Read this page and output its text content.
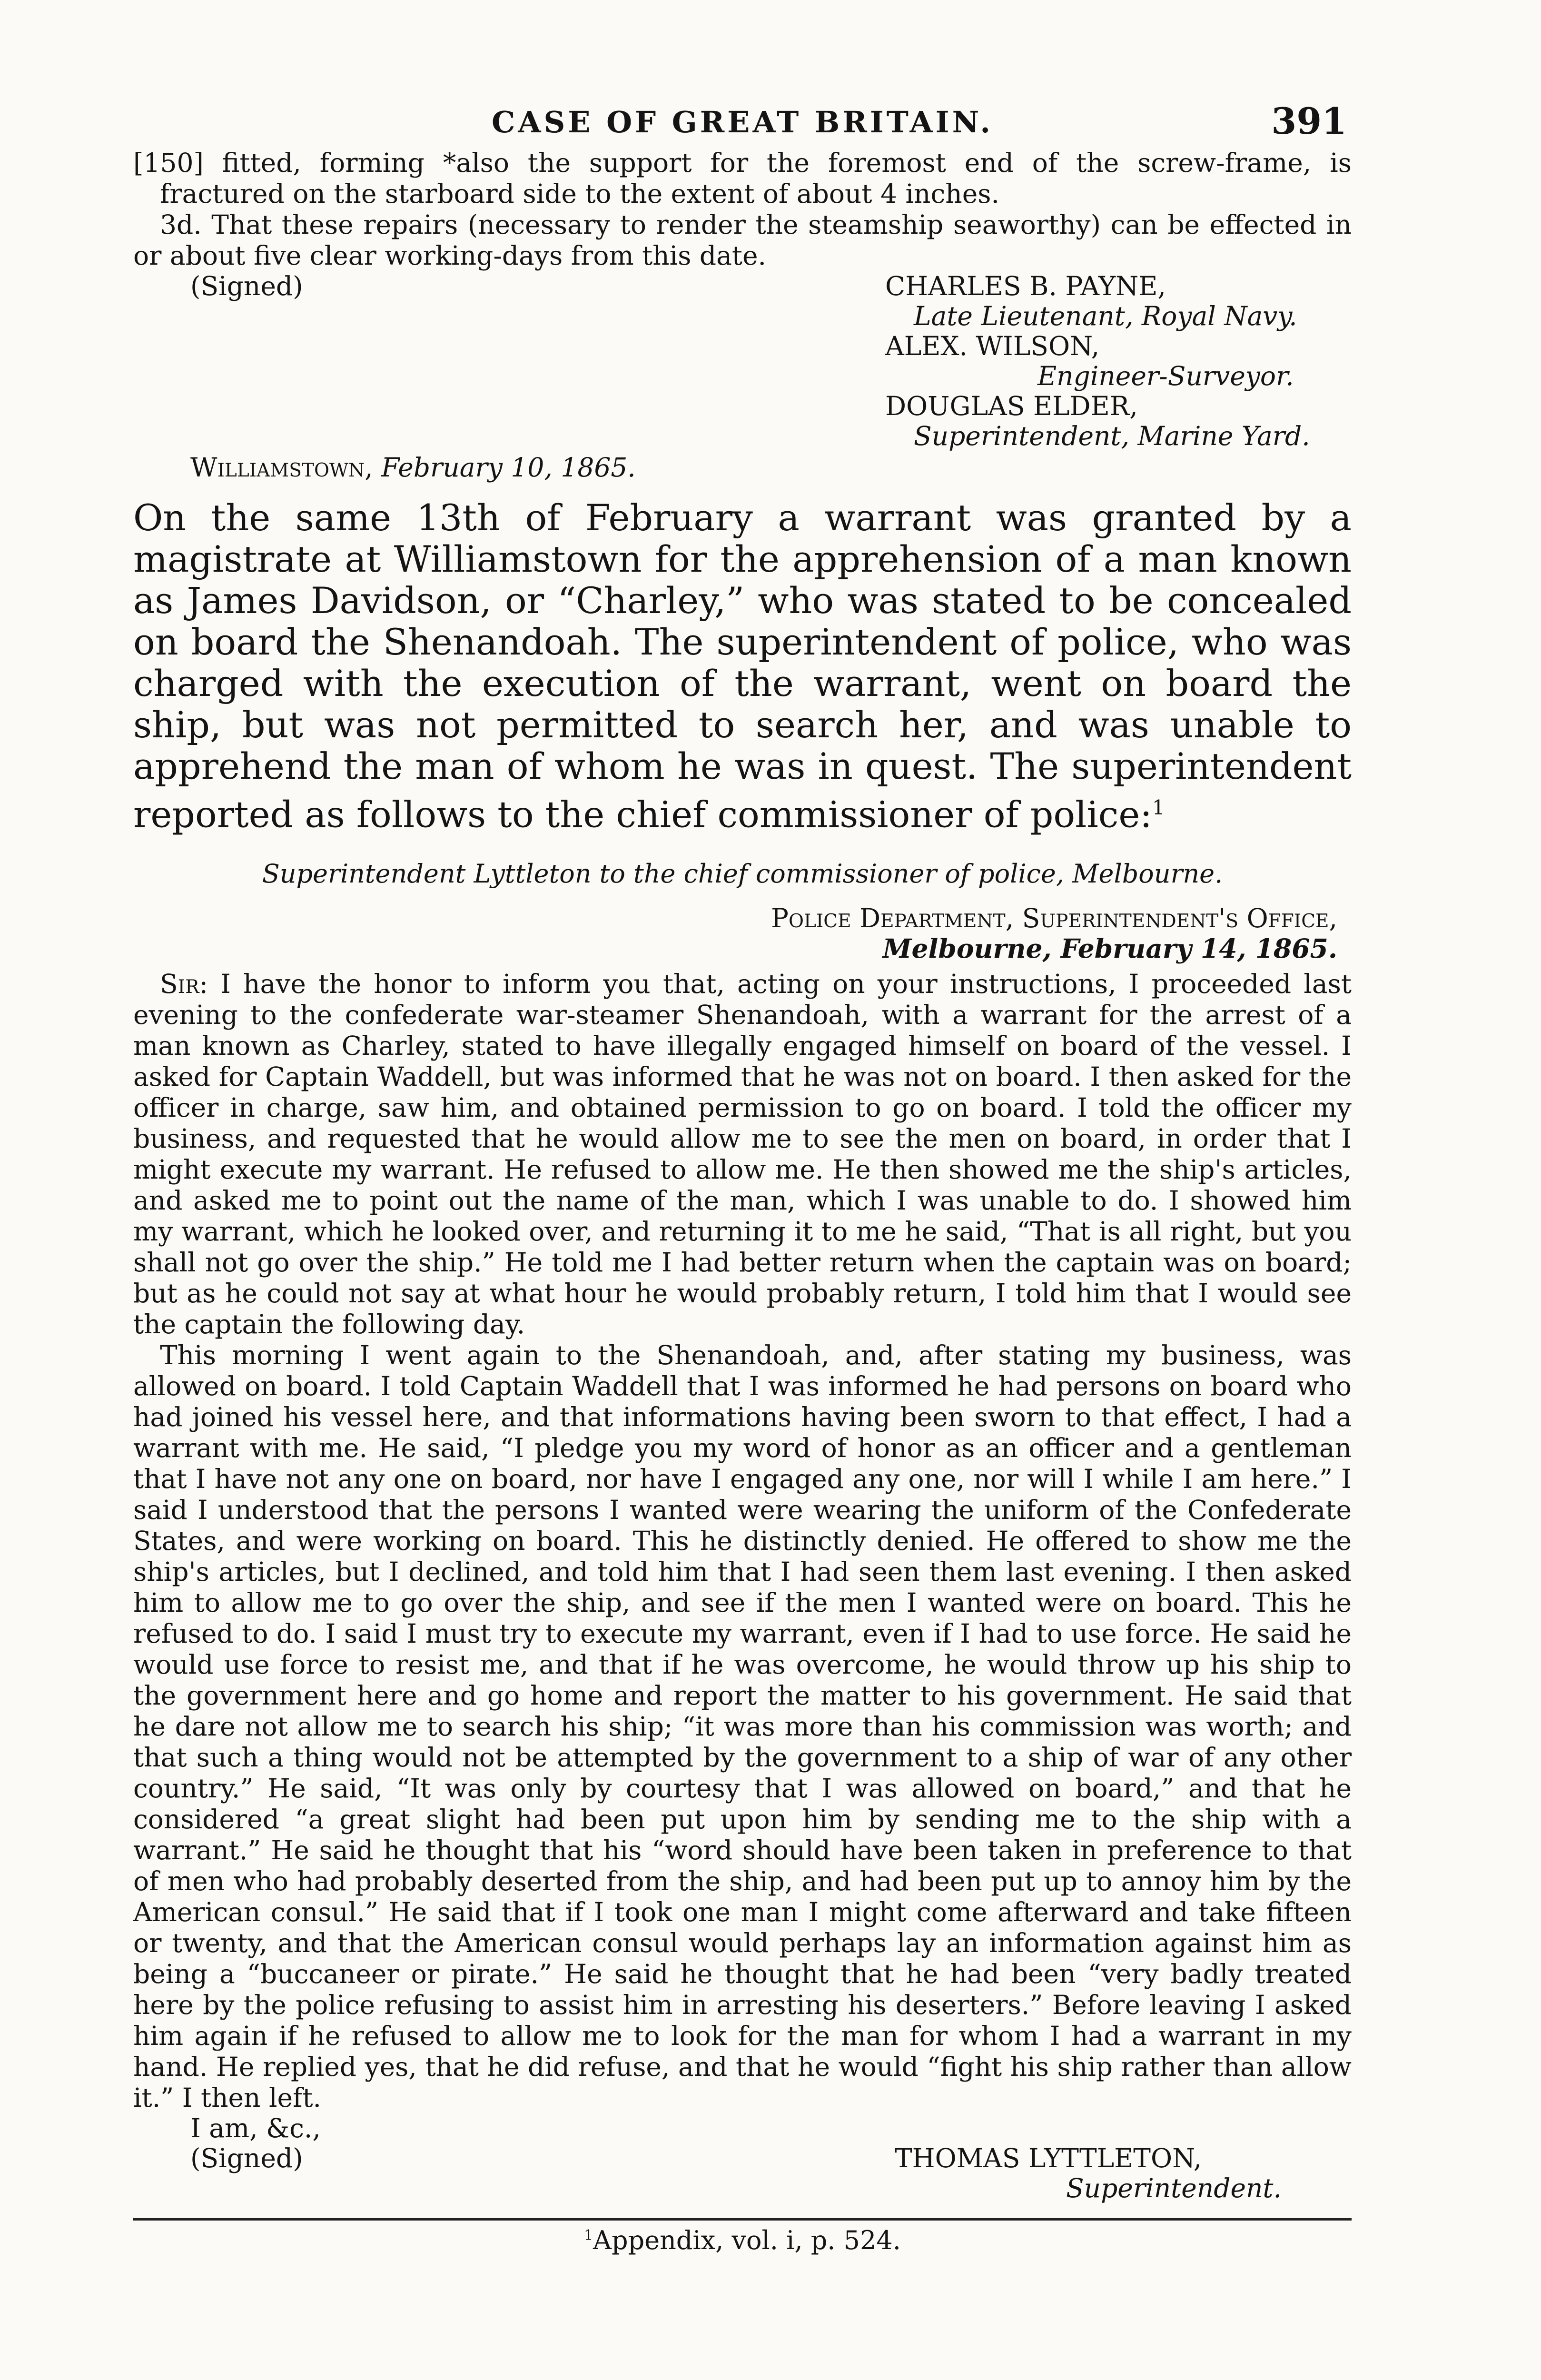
CASE OF GREAT BRITAIN.	391

[150] fitted, forming *also the support for the foremost end of the screw-frame, is fractured on the starboard side to the extent of about 4 inches.

3d. That these repairs (necessary to render the steamship seaworthy) can be effected in or about five clear working-days from this date.

(Signed)	CHARLES B. PAYNE,
Late Lieutenant, Royal Navy.
ALEX. WILSON,
Engineer-Surveyor.
DOUGLAS ELDER,
Superintendent, Marine Yard.
Williamstown, February 10, 1865.

On the same 13th of February a warrant was granted by a magistrate at Williamstown for the apprehension of a man known as James Davidson, or “Charley,” who was stated to be concealed on board the Shenandoah. The superintendent of police, who was charged with the execution of the warrant, went on board the ship, but was not permitted to search her, and was unable to apprehend the man of whom he was in quest. The superintendent reported as follows to the chief commissioner of police:$^1$

Superintendent Lyttleton to the chief commissioner of police, Melbourne.
Police Department, Superintendent's Office,
Melbourne, February 14, 1865.

Sir: I have the honor to inform you that, acting on your instructions, I proceeded last evening to the confederate war-steamer Shenandoah, with a warrant for the arrest of a man known as Charley, stated to have illegally engaged himself on board of the vessel. I asked for Captain Waddell, but was informed that he was not on board. I then asked for the officer in charge, saw him, and obtained permission to go on board. I told the officer my business, and requested that he would allow me to see the men on board, in order that I might execute my warrant. He refused to allow me. He then showed me the ship's articles, and asked me to point out the name of the man, which I was unable to do. I showed him my warrant, which he looked over, and returning it to me he said, “That is all right, but you shall not go over the ship.” He told me I had better return when the captain was on board; but as he could not say at what hour he would probably return, I told him that I would see the captain the following day.

This morning I went again to the Shenandoah, and, after stating my business, was allowed on board. I told Captain Waddell that I was informed he had persons on board who had joined his vessel here, and that informations having been sworn to that effect, I had a warrant with me. He said, “I pledge you my word of honor as an officer and a gentleman that I have not any one on board, nor have I engaged any one, nor will I while I am here.” I said I understood that the persons I wanted were wearing the uniform of the Confederate States, and were working on board. This he distinctly denied. He offered to show me the ship's articles, but I declined, and told him that I had seen them last evening. I then asked him to allow me to go over the ship, and see if the men I wanted were on board. This he refused to do. I said I must try to execute my warrant, even if I had to use force. He said he would use force to resist me, and that if he was overcome, he would throw up his ship to the government here and go home and report the matter to his government. He said that he dare not allow me to search his ship; “it was more than his commission was worth; and that such a thing would not be attempted by the government to a ship of war of any other country.” He said, “It was only by courtesy that I was allowed on board,” and that he considered “a great slight had been put upon him by sending me to the ship with a warrant.” He said he thought that his “word should have been taken in preference to that of men who had probably deserted from the ship, and had been put up to annoy him by the American consul.” He said that if I took one man I might come afterward and take fifteen or twenty, and that the American consul would perhaps lay an information against him as being a “buccaneer or pirate.” He said he thought that he had been “very badly treated here by the police refusing to assist him in arresting his deserters.” Before leaving I asked him again if he refused to allow me to look for the man for whom I had a warrant in my hand. He replied yes, that he did refuse, and that he would “fight his ship rather than allow it.” I then left.

I am, &c.,
(Signed)	THOMAS LYTTLETON,
Superintendent.
$^1$Appendix, vol. i, p. 524.
